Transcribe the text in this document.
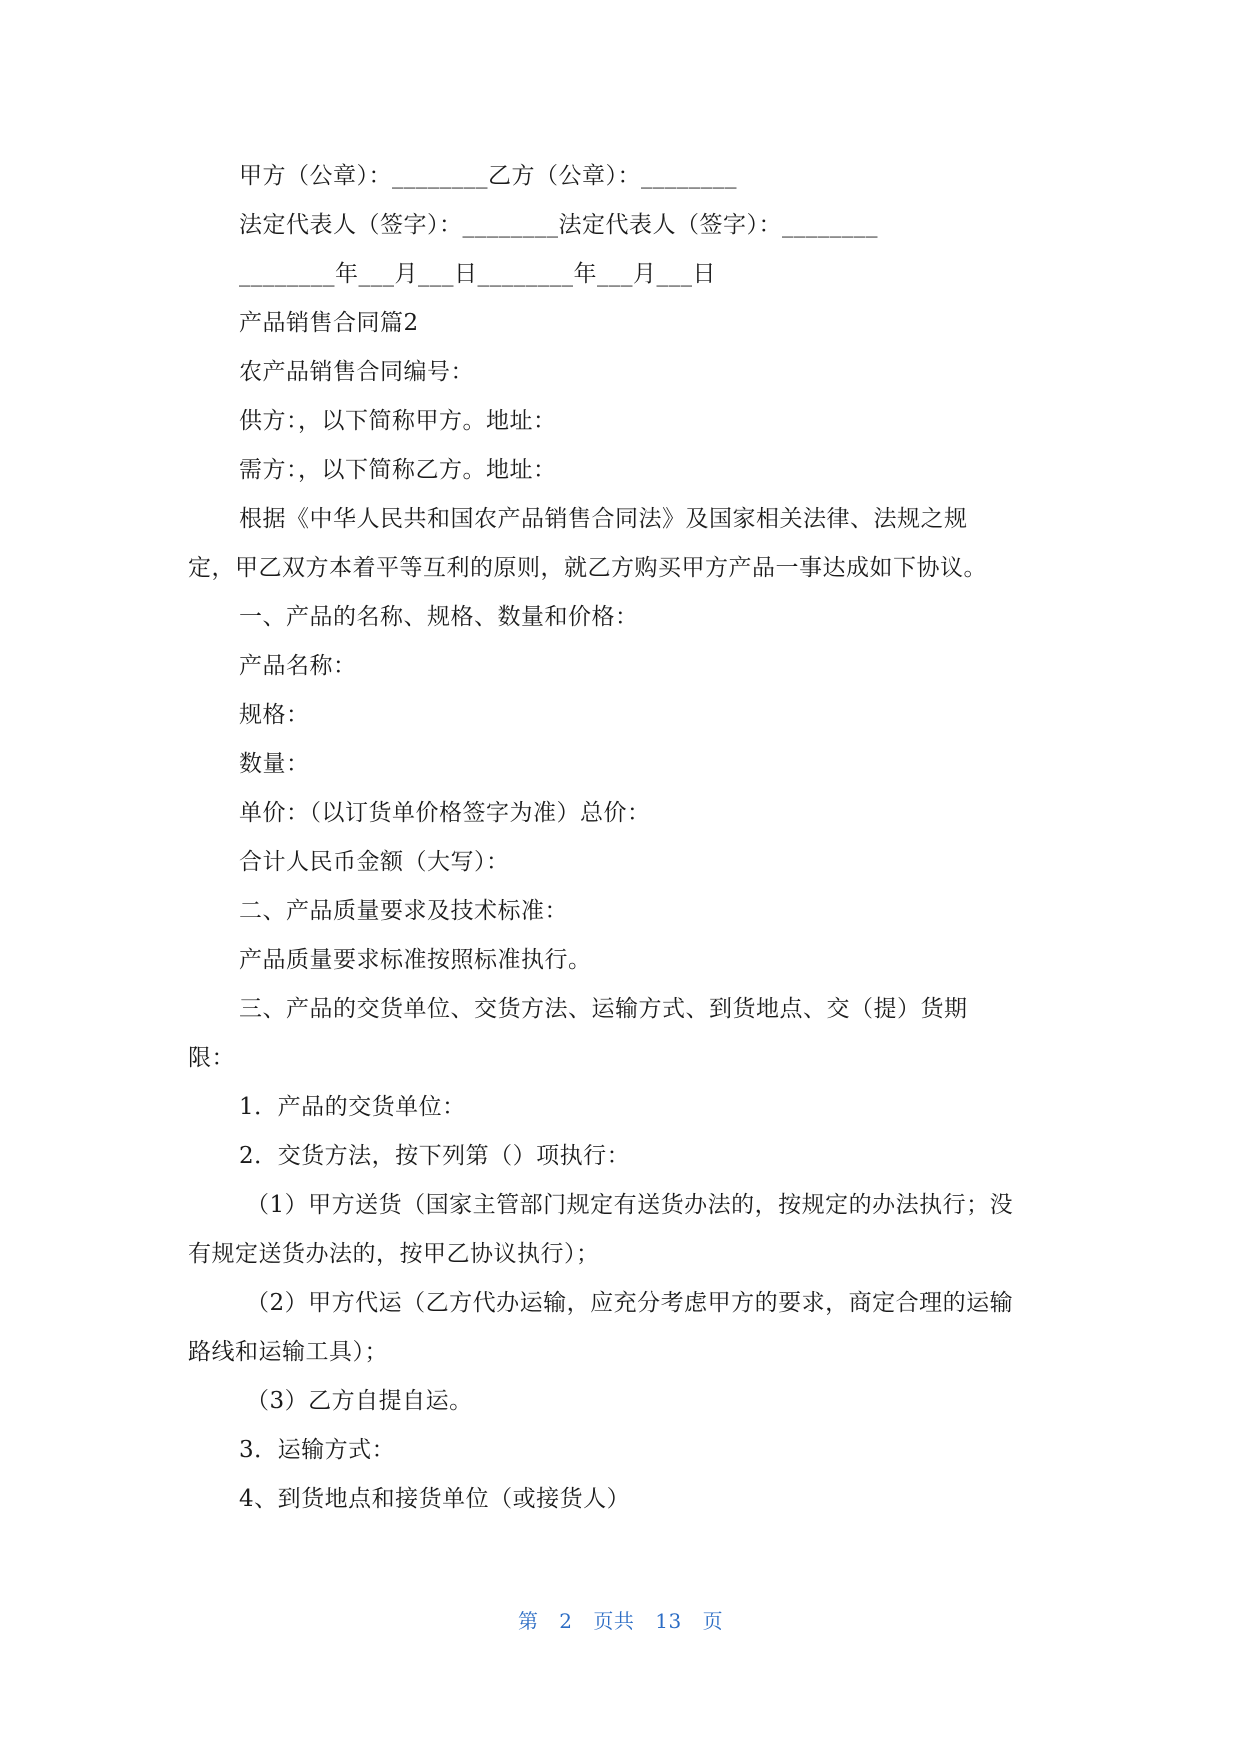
甲方（公章）：________乙方（公章）：________
法定代表人（签字）：________法定代表人（签字）：________
________年___月___日________年___月___日
产品销售合同篇2
农产品销售合同编号：
供方：，以下简称甲方。地址：
需方：，以下简称乙方。地址：
根据《中华人民共和国农产品销售合同法》及国家相关法律、法规之规
定，甲乙双方本着平等互利的原则，就乙方购买甲方产品一事达成如下协议。
一、产品的名称、规格、数量和价格：
产品名称：
规格：
数量：
单价：（以订货单价格签字为准）总价：
合计人民币金额（大写）：
二、产品质量要求及技术标准：
产品质量要求标准按照标准执行。
三、产品的交货单位、交货方法、运输方式、到货地点、交（提）货期
限：
1．产品的交货单位：
2．交货方法，按下列第（）项执行：
（1）甲方送货（国家主管部门规定有送货办法的，按规定的办法执行；没
有规定送货办法的，按甲乙协议执行）；
（2）甲方代运（乙方代办运输，应充分考虑甲方的要求，商定合理的运输
路线和运输工具）；
（3）乙方自提自运。
3．运输方式：
4、到货地点和接货单位（或接货人）
第 2 页共 13 页
